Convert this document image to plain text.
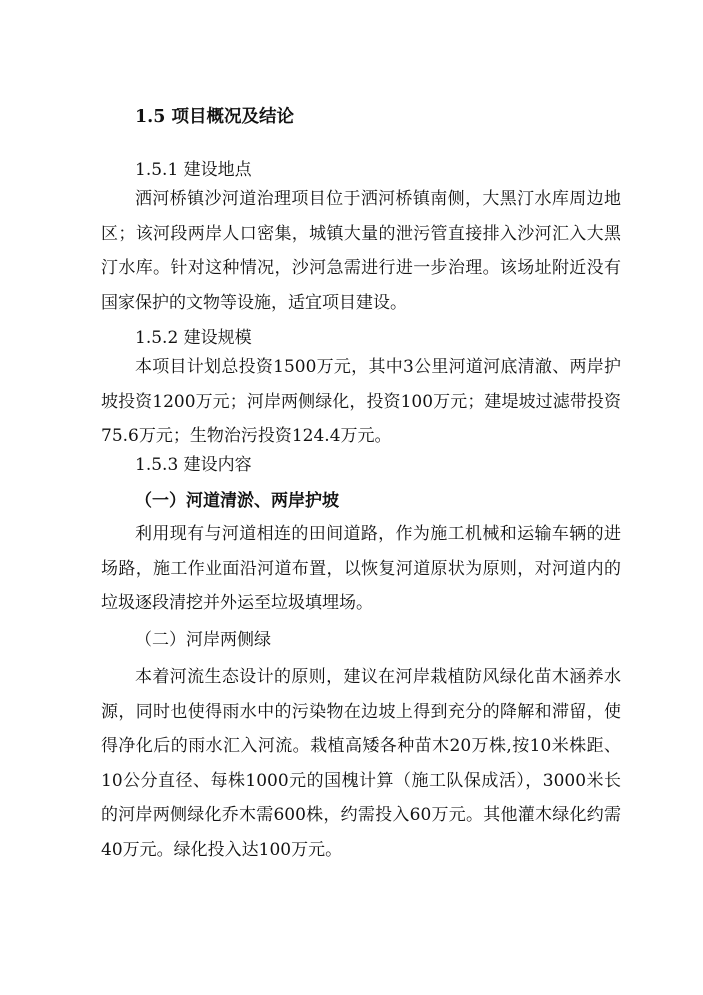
1.5 项目概况及结论
1.5.1 建设地点
洒河桥镇沙河道治理项目位于洒河桥镇南侧，大黑汀水库周边地区；该河段两岸人口密集，城镇大量的泄污管直接排入沙河汇入大黑汀水库。针对这种情况，沙河急需进行进一步治理。该场址附近没有国家保护的文物等设施，适宜项目建设。
1.5.2 建设规模
本项目计划总投资1500万元，其中3公里河道河底清澈、两岸护坡投资1200万元；河岸两侧绿化，投资100万元；建堤坡过滤带投资75.6万元；生物治污投资124.4万元。
1.5.3 建设内容
（一）河道清淤、两岸护坡
利用现有与河道相连的田间道路，作为施工机械和运输车辆的进场路，施工作业面沿河道布置，以恢复河道原状为原则，对河道内的垃圾逐段清挖并外运至垃圾填埋场。
（二）河岸两侧绿
本着河流生态设计的原则，建议在河岸栽植防风绿化苗木涵养水源，同时也使得雨水中的污染物在边坡上得到充分的降解和滞留，使得净化后的雨水汇入河流。栽植高矮各种苗木20万株,按10米株距、10公分直径、每株1000元的国槐计算（施工队保成活），3000米长的河岸两侧绿化乔木需600株，约需投入60万元。其他灌木绿化约需40万元。绿化投入达100万元。
